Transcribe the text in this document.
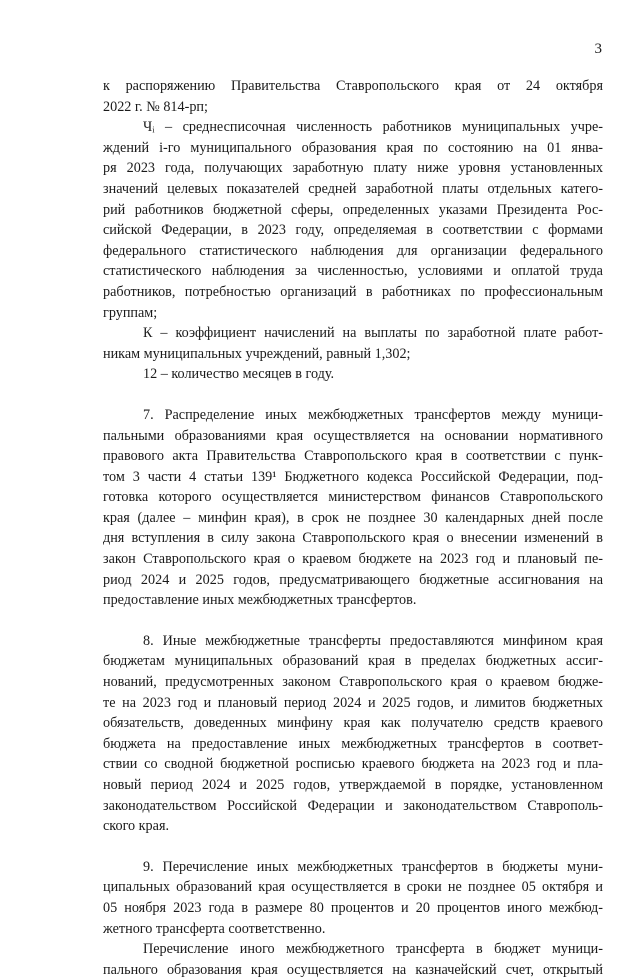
3
к распоряжению Правительства Ставропольского края от 24 октября
2022 г. № 814-рп;
Чᵢ – среднесписочная численность работников муниципальных учре-
ждений i-го муниципального образования края по состоянию на 01 янва-
ря 2023 года, получающих заработную плату ниже уровня установленных
значений целевых показателей средней заработной платы отдельных катего-
рий работников бюджетной сферы, определенных указами Президента Рос-
сийской Федерации, в 2023 году, определяемая в соответствии с формами
федерального статистического наблюдения для организации федерального
статистического наблюдения за численностью, условиями и оплатой труда
работников, потребностью организаций в работниках по профессиональным
группам;
К – коэффициент начислений на выплаты по заработной плате работ-
никам муниципальных учреждений, равный 1,302;
12 – количество месяцев в году.
7. Распределение иных межбюджетных трансфертов между муници-
пальными образованиями края осуществляется на основании нормативного
правового акта Правительства Ставропольского края в соответствии с пунк-
том 3 части 4 статьи 139¹ Бюджетного кодекса Российской Федерации, под-
готовка которого осуществляется министерством финансов Ставропольского
края (далее – минфин края), в срок не позднее 30 календарных дней после
дня вступления в силу закона Ставропольского края о внесении изменений в
закон Ставропольского края о краевом бюджете на 2023 год и плановый пе-
риод 2024 и 2025 годов, предусматривающего бюджетные ассигнования на
предоставление иных межбюджетных трансфертов.
8. Иные межбюджетные трансферты предоставляются минфином края
бюджетам муниципальных образований края в пределах бюджетных ассиг-
нований, предусмотренных законом Ставропольского края о краевом бюдже-
те на 2023 год и плановый период 2024 и 2025 годов, и лимитов бюджетных
обязательств, доведенных минфину края как получателю средств краевого
бюджета на предоставление иных межбюджетных трансфертов в соответ-
ствии со сводной бюджетной росписью краевого бюджета на 2023 год и пла-
новый период 2024 и 2025 годов, утверждаемой в порядке, установленном
законодательством Российской Федерации и законодательством Ставрополь-
ского края.
9. Перечисление иных межбюджетных трансфертов в бюджеты муни-
ципальных образований края осуществляется в сроки не позднее 05 октября и
05 ноября 2023 года в размере 80 процентов и 20 процентов иного межбюд-
жетного трансферта соответственно.
Перечисление иного межбюджетного трансферта в бюджет муници-
пального образования края осуществляется на казначейский счет, открытый
